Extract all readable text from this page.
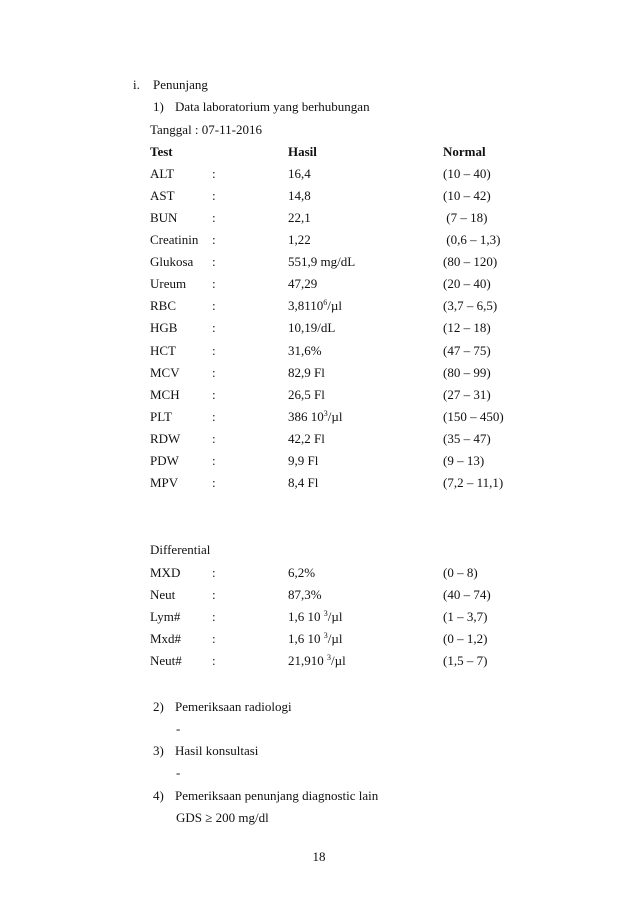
i. Penunjang
1) Data laboratorium yang berhubungan
Tanggal : 07-11-2016
Test	Hasil	Normal
ALT	:	16,4	(10 – 40)
AST	:	14,8	(10 – 42)
BUN	:	22,1	(7 – 18)
Creatinin :	1,22	(0,6 – 1,3)
Glukosa :	551,9 mg/dL	(80 – 120)
Ureum :	47,29	(20 – 40)
RBC	:	3,8110$^6$/µl	(3,7 – 6,5)
HGB	:	10,19/dL	(12 – 18)
HCT	:	31,6%	(47 – 75)
MCV :	82,9 Fl	(80 – 99)
MCH :	26,5 Fl	(27 – 31)
PLT	:	386 $10^3/\mu l$	(150 – 450)
RDW :	42,2 Fl	(35 – 47)
PDW	:	9,9 Fl	(9 – 13)
MPV	:	8,4 Fl	(7,2 – 11,1)
Differential
MXD :	6,2%	(0 – 8)
Neut	:	87,3%	(40 – 74)
Lym# :	1,6 10 $^3$/µl	(1 – 3,7)
Mxd# :	1,6 10 $^3$/µl	(0 – 1,2)
Neut# :	21,910 $^3$/µl	(1,5 – 7)
2) Pemeriksaan radiologi
-
3) Hasil konsultasi
-
4) Pemeriksaan penunjang diagnostic lain
GDS ≥ 200 mg/dl
18
